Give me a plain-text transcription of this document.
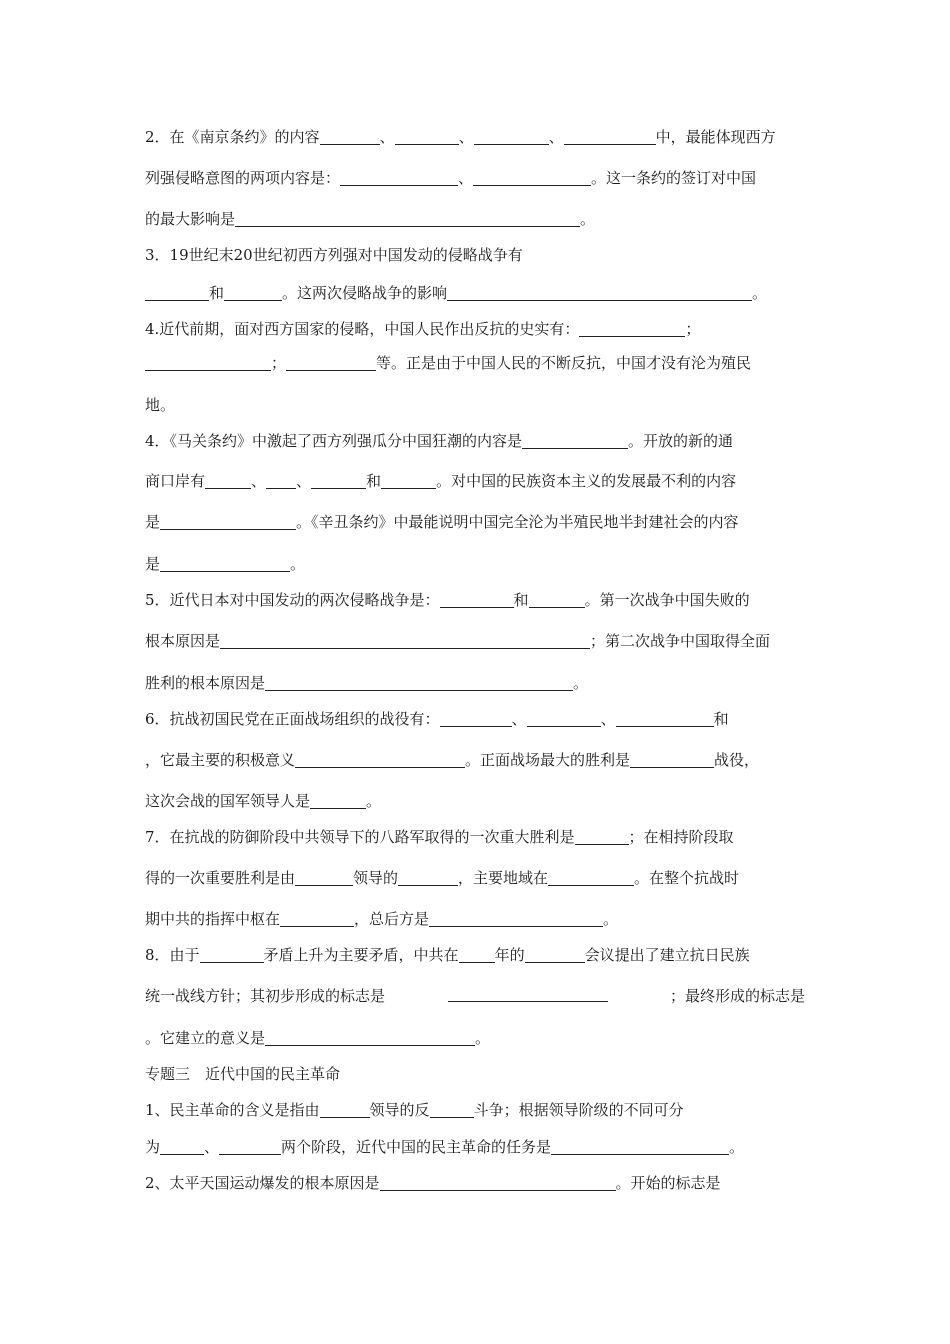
2．在《南京条约》的内容	、	、	、	中，最能体现西方
列强侵略意图的两项内容是：	、	。这一条约的签订对中国
的最大影响是	。
3．19世纪末20世纪初西方列强对中国发动的侵略战争有
和	。这两次侵略战争的影响	。
4.近代前期，面对西方国家的侵略，中国人民作出反抗的史实有：	；
；	等。正是由于中国人民的不断反抗，中国才没有沦为殖民
地。
4．《马关条约》中激起了西方列强瓜分中国狂潮的内容是	。开放的新的通
商口岸有	、 、	和	。对中国的民族资本主义的发展最不利的内容
是	。《辛丑条约》中最能说明中国完全沦为半殖民地半封建社会的内容
是	。
5．近代日本对中国发动的两次侵略战争是：	和	。第一次战争中国失败的
根本原因是	；第二次战争中国取得全面
胜利的根本原因是	。
6．抗战初国民党在正面战场组织的战役有：	、	、	和
，它最主要的积极意义	。正面战场最大的胜利是	战役，
这次会战的国军领导人是	。
7．在抗战的防御阶段中共领导下的八路军取得的一次重大胜利是	；在相持阶段取
得的一次重要胜利是由	领导的	，主要地域在	。在整个抗战时
期中共的指挥中枢在	，总后方是	。
8．由于	矛盾上升为主要矛盾，中共在 年的	会议提出了建立抗日民族
统一战线方针；其初步形成的标志是	；最终形成的标志是
。它建立的意义是	。
专题三　近代中国的民主革命
1、民主革命的含义是指由	领导的反	斗争；根据领导阶级的不同可分
为	、	两个阶段，近代中国的民主革命的任务是	。
2、太平天国运动爆发的根本原因是	。开始的标志是
